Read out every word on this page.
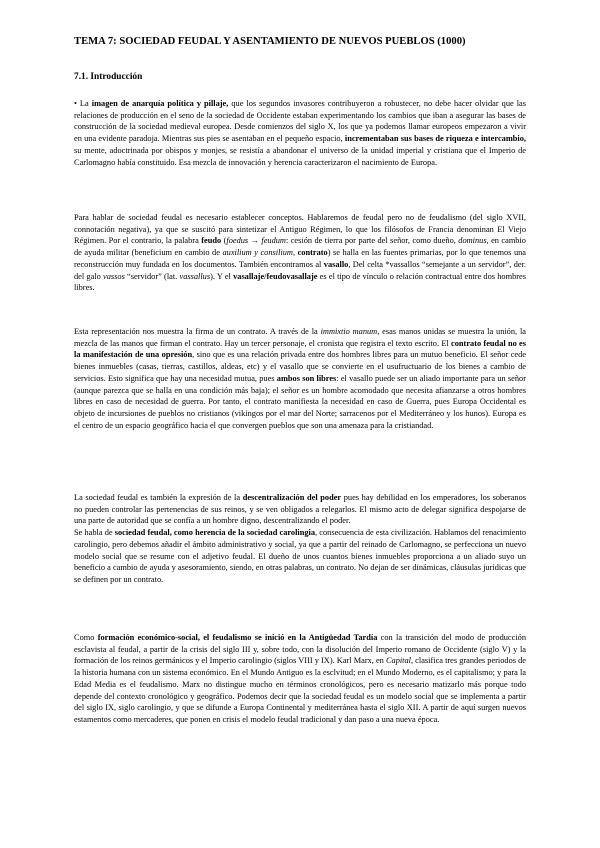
TEMA 7: SOCIEDAD FEUDAL Y ASENTAMIENTO DE NUEVOS PUEBLOS (1000)
7.1. Introducción

• La imagen de anarquía política y pillaje, que los segundos invasores contribuyeron a robustecer, no debe hacer olvidar que las relaciones de producción en el seno de la sociedad de Occidente estaban experimentando los cambios que iban a asegurar las bases de construcción de la sociedad medieval europea. Desde comienzos del siglo X, los que ya podemos llamar europeos empezaron a vivir en una evidente paradoja. Mientras sus pies se asentaban en el pequeño espacio, incrementaban sus bases de riqueza e intercambio, su mente, adoctrinada por obispos y monjes, se resistía a abandonar el universo de la unidad imperial y cristiana que el Imperio de Carlomagno había constituido. Esa mezcla de innovación y herencia caracterizaron el nacimiento de Europa.

Para hablar de sociedad feudal es necesario establecer conceptos. Hablaremos de feudal pero no de feudalismo (del siglo XVII, connotación negativa), ya que se suscitó para sintetizar el Antiguo Régimen, lo que los filósofos de Francia denominan El Viejo Régimen. Por el contrario, la palabra feudo (foedus → feudum: cesión de tierra por parte del señor, como dueño, dominus, en cambio de ayuda militar (beneficium en cambio de auxilium y consilium, contrato) se halla en las fuentes primarias, por lo que tenemos una reconstrucción muy fundada en los documentos. También encontramos al vasallo, Del celta *vassallos “semejante a un servidor”, der. del galo vassos “servidor” (lat. vassallus). Y el vasallaje/feudovasallaje es el tipo de vínculo o relación contractual entre dos hombres libres.

Esta representación nos muestra la firma de un contrato. A través de la immixtio manum, esas manos unidas se muestra la unión, la mezcla de las manos que firman el contrato. Hay un tercer personaje, el cronista que registra el texto escrito. El contrato feudal no es la manifestación de una opresión, sino que es una relación privada entre dos hombres libres para un mutuo beneficio. El señor cede bienes inmuebles (casas, tierras, castillos, aldeas, etc) y el vasallo que se convierte en el usufructuario de los bienes a cambio de servicios. Esto significa que hay una necesidad mutua, pues ambos son libres: el vasallo puede ser un aliado importante para un señor (aunque parezca que se halla en una condición más baja); el señor es un hombre acomodado que necesita afianzarse a otros hombres libres en caso de necesidad de guerra. Por tanto, el contrato manifiesta la necesidad en caso de Guerra, pues Europa Occidental es objeto de incursiones de pueblos no cristianos (vikingos por el mar del Norte; sarracenos por el Mediterráneo y los hunos). Europa es el centro de un espacio geográfico hacia el que convergen pueblos que son una amenaza para la cristiandad.

La sociedad feudal es también la expresión de la descentralización del poder pues hay debilidad en los emperadores, los soberanos no pueden controlar las pertenencias de sus reinos, y se ven obligados a relegarlos. El mismo acto de delegar significa despojarse de una parte de autoridad que se confía a un hombre digno, descentralizando el poder.

Se habla de sociedad feudal, como herencia de la sociedad carolingia, consecuencia de esta civilización. Hablamos del renacimiento carolingio, pero debemos añadir el ámbito administrativo y social, ya que a partir del reinado de Carlomagno, se perfecciona un nuevo modelo social que se resume con el adjetivo feudal. El dueño de unos cuantos bienes inmuebles proporciona a un aliado suyo un beneficio a cambio de ayuda y asesoramiento, siendo, en otras palabras, un contrato. No dejan de ser dinámicas, cláusulas jurídicas que se definen por un contrato.

Como formación económico-social, el feudalismo se inició en la Antigüedad Tardía con la transición del modo de producción esclavista al feudal, a partir de la crisis del siglo III y, sobre todo, con la disolución del Imperio romano de Occidente (siglo V) y la formación de los reinos germánicos y el Imperio carolingio (siglos VIII y IX). Karl Marx, en Capital, clasifica tres grandes periodos de la historia humana con un sistema económico. En el Mundo Antiguo es la esclvitud; en el Mundo Moderno, es el capitalismo; y para la Edad Media es el feudalismo. Marx no distingue mucho en términos cronológicos, pero es necesario matizarlo más porque todo depende del contexto cronológico y geográfico. Podemos decir que la sociedad feudal es un modelo social que se implementa a partir del siglo IX, siglo carolingio, y que se difunde a Europa Continental y mediterránea hasta el siglo XII. A partir de aquí surgen nuevos estamentos como mercaderes, que ponen en crisis el modelo feudal tradicional y dan paso a una nueva época.
